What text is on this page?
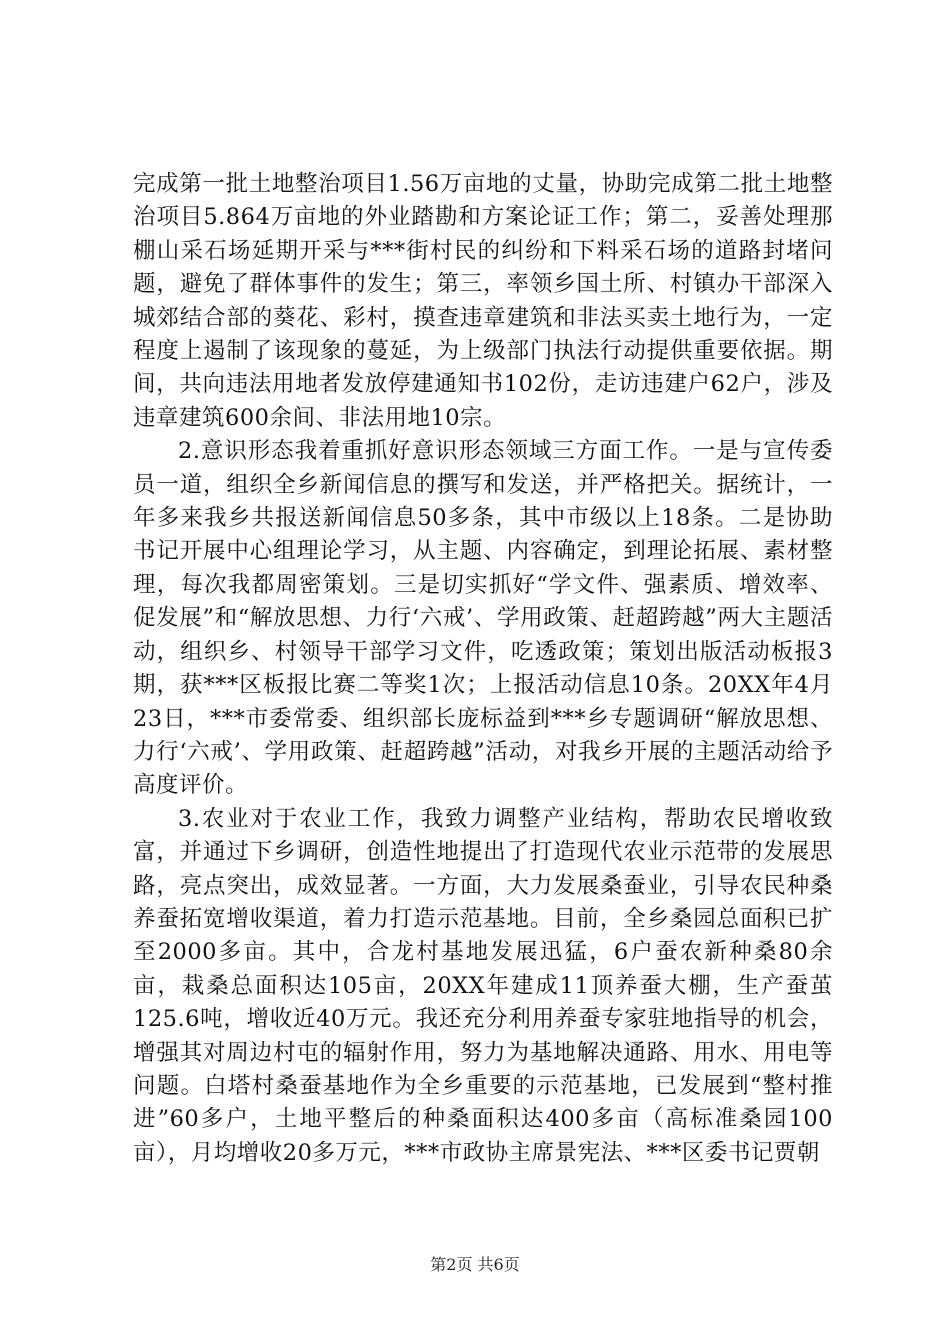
完成第一批土地整治项目1.56万亩地的丈量，协助完成第二批土地整治项目5.864万亩地的外业踏勘和方案论证工作；第二，妥善处理那棚山采石场延期开采与***街村民的纠纷和下料采石场的道路封堵问题，避免了群体事件的发生；第三，率领乡国土所、村镇办干部深入城郊结合部的葵花、彩村，摸查违章建筑和非法买卖土地行为，一定程度上遏制了该现象的蔓延，为上级部门执法行动提供重要依据。期间，共向违法用地者发放停建通知书102份，走访违建户62户，涉及违章建筑600余间、非法用地10宗。

2.意识形态我着重抓好意识形态领域三方面工作。一是与宣传委员一道，组织全乡新闻信息的撰写和发送，并严格把关。据统计，一年多来我乡共报送新闻信息50多条，其中市级以上18条。二是协助书记开展中心组理论学习，从主题、内容确定，到理论拓展、素材整理，每次我都周密策划。三是切实抓好“学文件、强素质、增效率、促发展”和“解放思想、力行‘六戒’、学用政策、赶超跨越”两大主题活动，组织乡、村领导干部学习文件，吃透政策；策划出版活动板报3期，获***区板报比赛二等奖1次；上报活动信息10条。20XX年4月23日，***市委常委、组织部长庞标益到***乡专题调研“解放思想、力行‘六戒’、学用政策、赶超跨越”活动，对我乡开展的主题活动给予高度评价。

3.农业对于农业工作，我致力调整产业结构，帮助农民增收致富，并通过下乡调研，创造性地提出了打造现代农业示范带的发展思路，亮点突出，成效显著。一方面，大力发展桑蚕业，引导农民种桑养蚕拓宽增收渠道，着力打造示范基地。目前，全乡桑园总面积已扩至2000多亩。其中，合龙村基地发展迅猛，6户蚕农新种桑80余亩，栽桑总面积达105亩，20XX年建成11顶养蚕大棚，生产蚕茧125.6吨，增收近40万元。我还充分利用养蚕专家驻地指导的机会，增强其对周边村屯的辐射作用，努力为基地解决通路、用水、用电等问题。白塔村桑蚕基地作为全乡重要的示范基地，已发展到“整村推进”60多户，土地平整后的种桑面积达400多亩（高标准桑园100亩），月均增收20多万元，***市政协主席景宪法、***区委书记贾朝

第2页 共6页
